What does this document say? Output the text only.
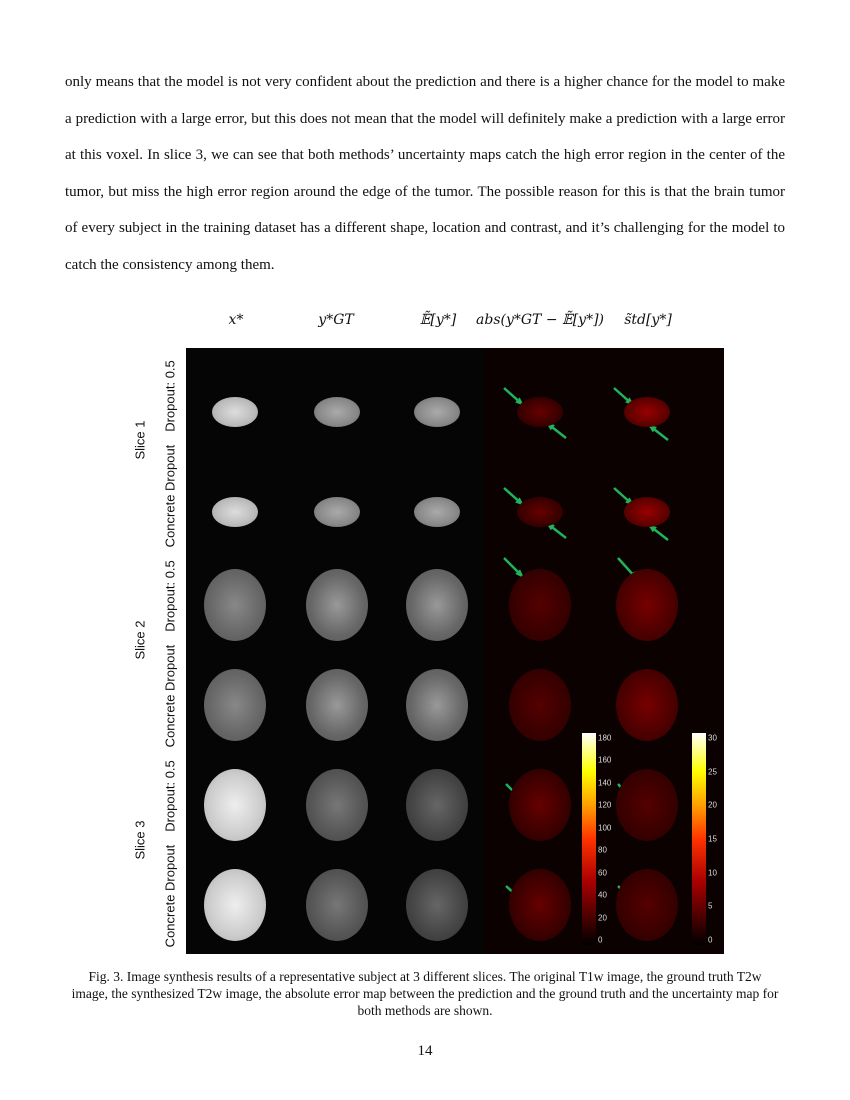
only means that the model is not very confident about the prediction and there is a higher chance for the model to make a prediction with a large error, but this does not mean that the model will definitely make a prediction with a large error at this voxel. In slice 3, we can see that both methods’ uncertainty maps catch the high error region in the center of the tumor, but miss the high error region around the edge of the tumor. The possible reason for this is that the brain tumor of every subject in the training dataset has a different shape, location and contrast, and it’s challenging for the model to catch the consistency among them.

x*	y*GT	𝔼̃[y*] abs(y*GT − 𝔼̃[y*]) s̃td[y*]
Slice 1
Slice 2
Slice 3
Dropout: 0.5
Concrete Dropout
Dropout: 0.5
Concrete Dropout
Dropout: 0.5
Concrete Dropout
180
160
140
120
100
80
60
40
20
0
30
25
20
15
10
5
0
Fig. 3. Image synthesis results of a representative subject at 3 different slices. The original T1w image, the ground truth T2w image, the synthesized T2w image, the absolute error map between the prediction and the ground truth and the uncertainty map for both methods are shown.
14
